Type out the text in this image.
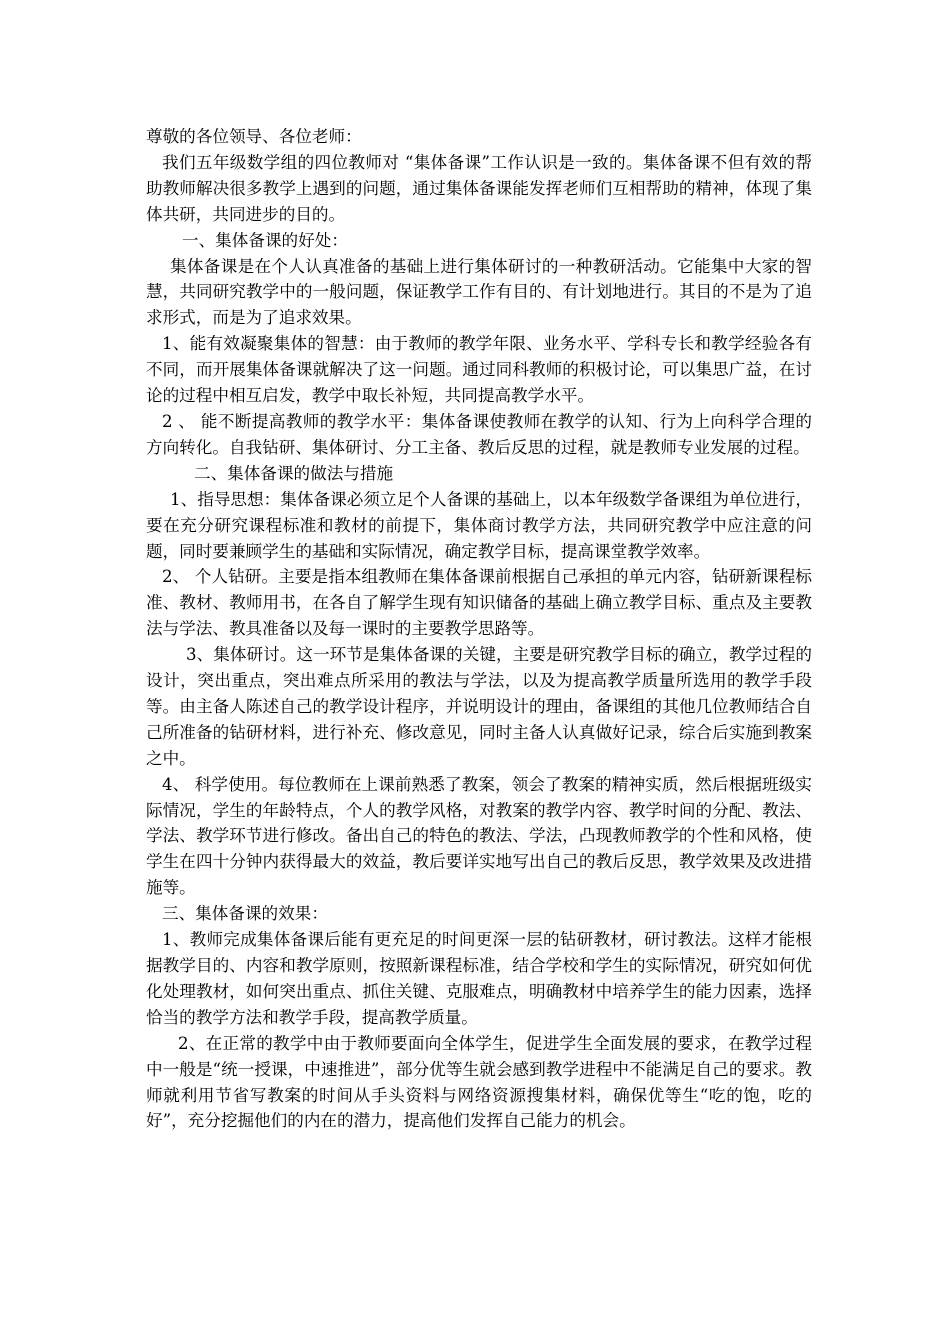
尊敬的各位领导、各位老师：

我们五年级数学组的四位教师对 “集体备课”工作认识是一致的。集体备课不但有效的帮助教师解决很多教学上遇到的问题，通过集体备课能发挥老师们互相帮助的精神，体现了集体共研，共同进步的目的。

一、集体备课的好处：

集体备课是在个人认真准备的基础上进行集体研讨的一种教研活动。它能集中大家的智慧，共同研究教学中的一般问题，保证教学工作有目的、有计划地进行。其目的不是为了追求形式，而是为了追求效果。

1、能有效凝聚集体的智慧：由于教师的教学年限、业务水平、学科专长和教学经验各有不同，而开展集体备课就解决了这一问题。通过同科教师的积极讨论，可以集思广益，在讨论的过程中相互启发，教学中取长补短，共同提高教学水平。

2 、 能不断提高教师的教学水平：集体备课使教师在教学的认知、行为上向科学合理的方向转化。自我钻研、集体研讨、分工主备、教后反思的过程，就是教师专业发展的过程。

二、集体备课的做法与措施

1、指导思想：集体备课必须立足个人备课的基础上，以本年级数学备课组为单位进行，要在充分研究课程标准和教材的前提下，集体商讨教学方法，共同研究教学中应注意的问题，同时要兼顾学生的基础和实际情况，确定教学目标，提高课堂教学效率。

2、 个人钻研。主要是指本组教师在集体备课前根据自己承担的单元内容，钻研新课程标准、教材、教师用书，在各自了解学生现有知识储备的基础上确立教学目标、重点及主要教法与学法、教具准备以及每一课时的主要教学思路等。

3、集体研讨。这一环节是集体备课的关键，主要是研究教学目标的确立，教学过程的设计，突出重点，突出难点所采用的教法与学法，以及为提高教学质量所选用的教学手段等。由主备人陈述自己的教学设计程序，并说明设计的理由，备课组的其他几位教师结合自己所准备的钻研材料，进行补充、修改意见，同时主备人认真做好记录，综合后实施到教案之中。

4、 科学使用。每位教师在上课前熟悉了教案，领会了教案的精神实质，然后根据班级实际情况，学生的年龄特点，个人的教学风格，对教案的教学内容、教学时间的分配、教法、学法、教学环节进行修改。备出自己的特色的教法、学法，凸现教师教学的个性和风格，使学生在四十分钟内获得最大的效益，教后要详实地写出自己的教后反思，教学效果及改进措施等。

三、集体备课的效果：

1、教师完成集体备课后能有更充足的时间更深一层的钻研教材，研讨教法。这样才能根据教学目的、内容和教学原则，按照新课程标准，结合学校和学生的实际情况，研究如何优化处理教材，如何突出重点、抓住关键、克服难点，明确教材中培养学生的能力因素，选择恰当的教学方法和教学手段，提高教学质量。

2、在正常的教学中由于教师要面向全体学生，促进学生全面发展的要求，在教学过程中一般是“统一授课，中速推进”，部分优等生就会感到教学进程中不能满足自己的要求。教师就利用节省写教案的时间从手头资料与网络资源搜集材料，确保优等生“吃的饱，吃的好”，充分挖掘他们的内在的潜力，提高他们发挥自己能力的机会。
